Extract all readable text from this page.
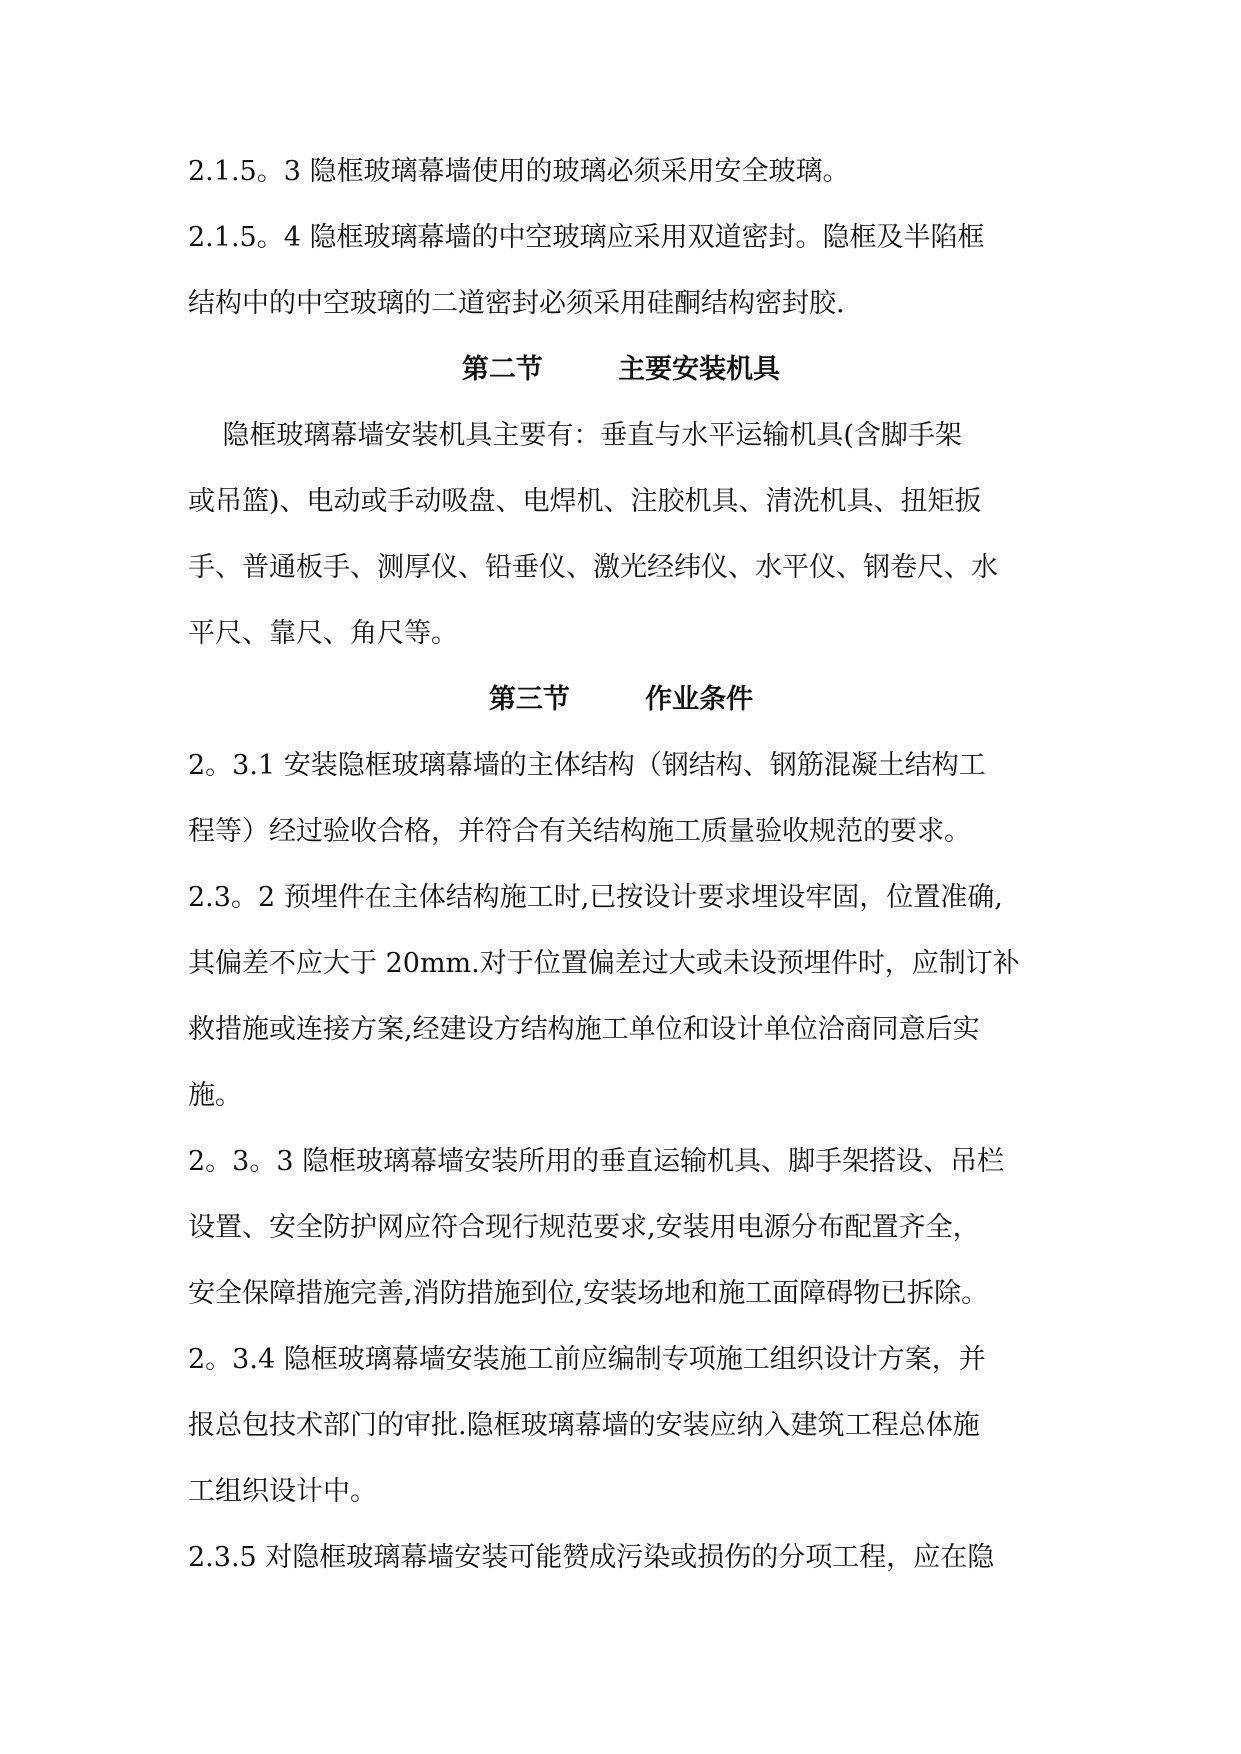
2.1.5。3 隐框玻璃幕墙使用的玻璃必须采用安全玻璃。
2.1.5。4 隐框玻璃幕墙的中空玻璃应采用双道密封。隐框及半陷框
结构中的中空玻璃的二道密封必须采用硅酮结构密封胶.
第二节        主要安装机具
隐框玻璃幕墙安装机具主要有：垂直与水平运输机具(含脚手架
或吊篮)、电动或手动吸盘、电焊机、注胶机具、清洗机具、扭矩扳
手、普通板手、测厚仪、铅垂仪、激光经纬仪、水平仪、钢卷尺、水
平尺、靠尺、角尺等。
第三节        作业条件
2。3.1 安装隐框玻璃幕墙的主体结构（钢结构、钢筋混凝土结构工
程等）经过验收合格，并符合有关结构施工质量验收规范的要求。
2.3。2 预埋件在主体结构施工时,已按设计要求埋设牢固，位置准确,
其偏差不应大于 20mm.对于位置偏差过大或未设预埋件时，应制订补
救措施或连接方案,经建设方结构施工单位和设计单位洽商同意后实
施。
2。3。3 隐框玻璃幕墙安装所用的垂直运输机具、脚手架搭设、吊栏
设置、安全防护网应符合现行规范要求,安装用电源分布配置齐全，
安全保障措施完善,消防措施到位,安装场地和施工面障碍物已拆除。
2。3.4 隐框玻璃幕墙安装施工前应编制专项施工组织设计方案，并
报总包技术部门的审批.隐框玻璃幕墙的安装应纳入建筑工程总体施
工组织设计中。
2.3.5 对隐框玻璃幕墙安装可能赞成污染或损伤的分项工程，应在隐
